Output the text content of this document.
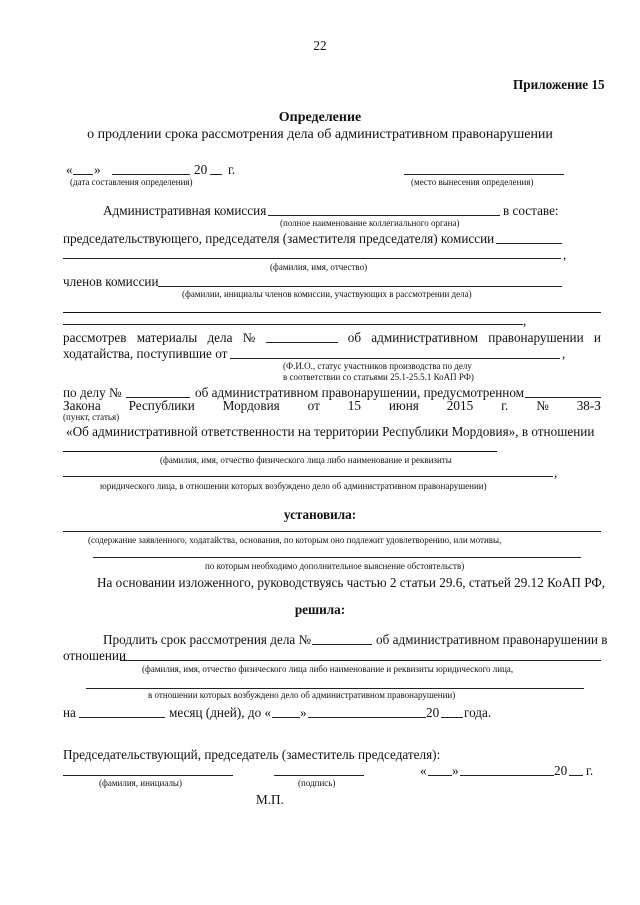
22
Приложение 15
Определение
о продлении срока рассмотрения дела об административном правонарушении
« »	20 г.
(дата составления определения)	(место вынесения определения)
Административная комиссия	в составе:
(полное наименование коллегиального органа)
председательствующего, председателя (заместителя председателя) комиссии
,
(фамилия, имя, отчество)
членов комиссии
(фамилии, инициалы членов комиссии, участвующих в рассмотрении дела)
,
рассмотрев материалы дела №	об административном правонарушении и
ходатайства, поступившие от	,
(Ф.И.О., статус участников производства по делу
в соответствии со статьями 25.1-25.5.1 КоАП РФ)
по делу №	об административном правонарушении, предусмотренном
Закона Республики Мордовия от 15 июня 2015 г. № 38-З
(пункт, статья)
«Об административной ответственности на территории Республики Мордовия», в отношении
(фамилия, имя, отчество физического лица либо наименование и реквизиты
,
юридического лица, в отношении которых возбуждено дело об административном правонарушении)
установила:
(содержание заявленного, ходатайства, основания, по которым оно подлежит удовлетворению, или мотивы,
по которым необходимо дополнительное выяснение обстоятельств)
На основании изложенного, руководствуясь частью 2 статьи 29.6, статьей 29.12 КоАП РФ,
решила:
Продлить срок рассмотрения дела №	об административном правонарушении в
отношении
(фамилия, имя, отчество физического лица либо наименование и реквизиты юридического лица,
в отношении которых возбуждено дело об административном правонарушении)
на	месяц (дней), до « »	20 года.
Председательствующий, председатель (заместитель председателя):
« »	20 г.
(фамилия, инициалы)	(подпись)
М.П.
